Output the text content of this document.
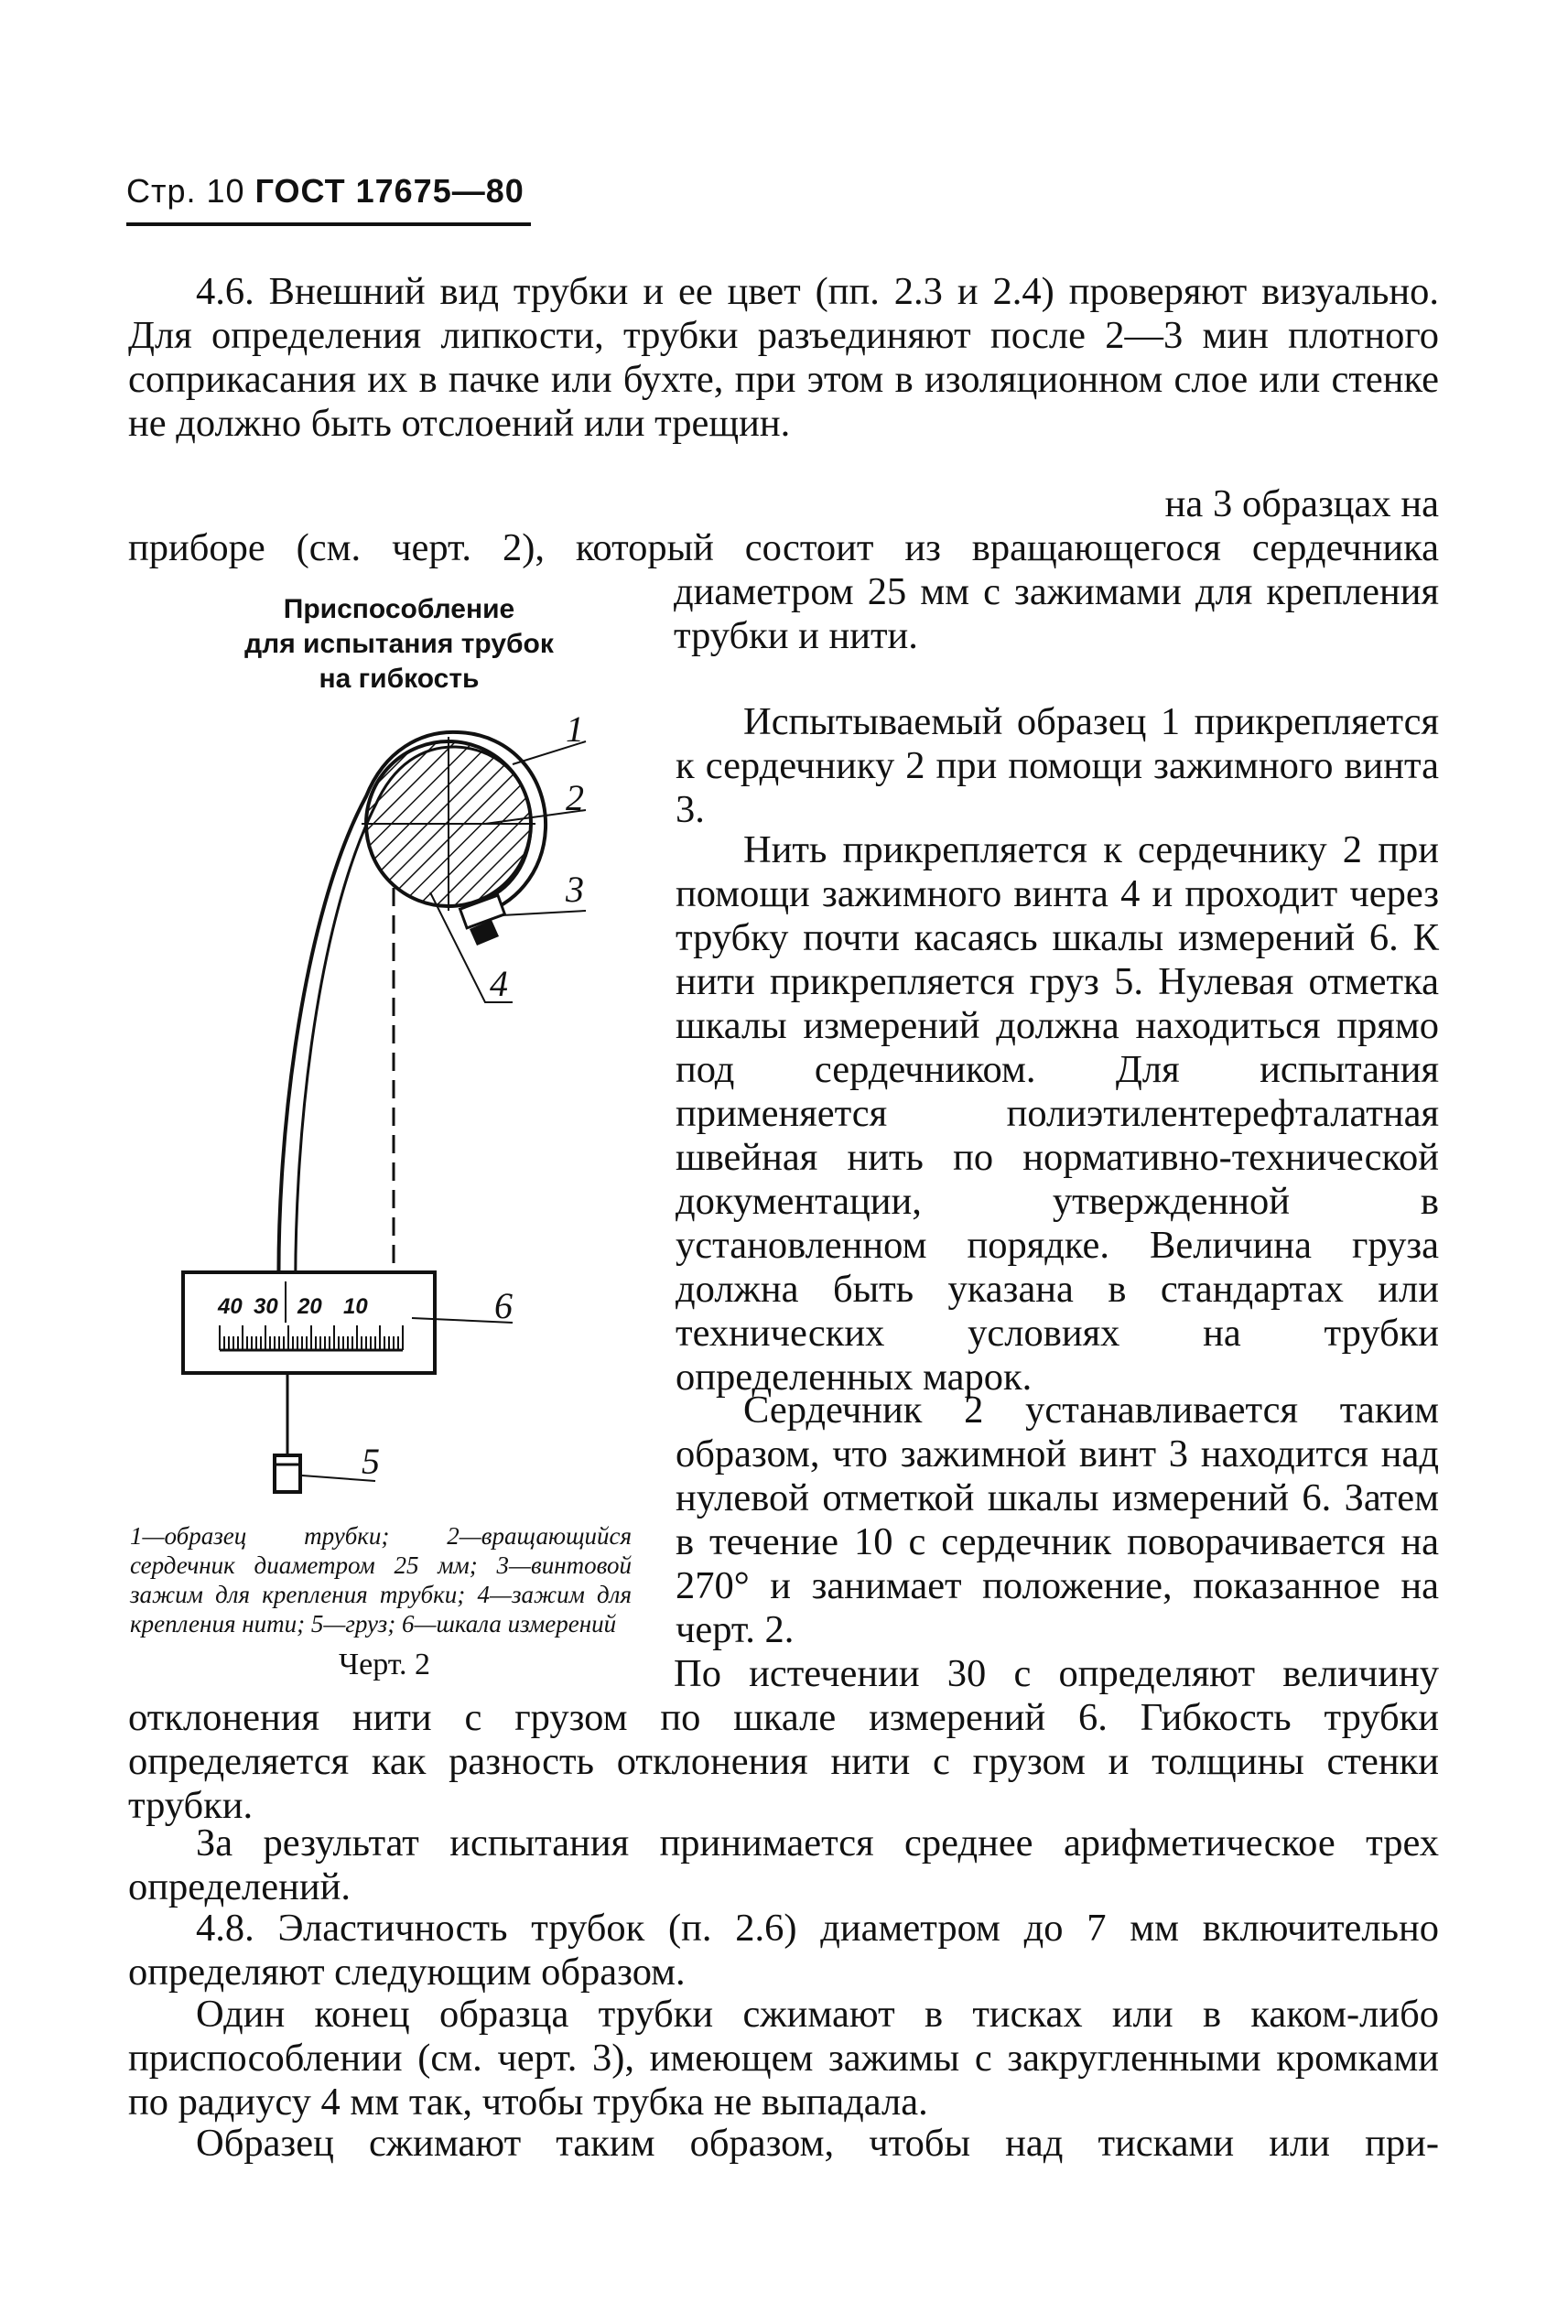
Стр. 10 ГОСТ 17675—80

4.6. Внешний вид трубки и ее цвет (пп. 2.3 и 2.4) проверяют визуально. Для определения липкости, трубки разъединяют после 2—3 мин плотного соприкасания их в пачке или бухте, при этом в изоляционном слое или стенке не должно быть отслоений или трещин.

на 3 образцах на приборе (см. черт. 2), который состоит из вращающегося сердечника диаметром 25 мм с зажимами для крепления трубки и нити.

Испытываемый образец 1 прикрепляется к сердечнику 2 при помощи зажимного винта 3.

Нить прикрепляется к сердечнику 2 при помощи зажимного винта 4 и проходит через трубку почти касаясь шкалы измерений 6. К нити прикрепляется груз 5. Нулевая отметка шкалы измерений должна находиться прямо под сердечником. Для испытания применяется полиэтилентерефталатная швейная нить по нормативно-технической документации, утвержденной в установленном порядке. Величина груза должна быть указана в стандартах или технических условиях на трубки определенных марок.

Сердечник 2 устанавливается таким образом, что зажимной винт 3 находится над нулевой отметкой шкалы измерений 6. Затем в течение 10 с сердечник поворачивается на 270° и занимает положение, показанное на черт. 2.

По истечении 30 с определяют величину отклонения нити с грузом по шкале измерений 6. Гибкость трубки определяется как разность отклонения нити с грузом и толщины стенки трубки.

За результат испытания принимается среднее арифметическое трех определений.

4.8. Эластичность трубок (п. 2.6) диаметром до 7 мм включительно определяют следующим образом.

Один конец образца трубки сжимают в тисках или в каком-либо приспособлении (см. черт. 3), имеющем зажимы с закругленными кромками по радиусу 4 мм так, чтобы трубка не выпадала.

Образец сжимают таким образом, чтобы над тисками или при-

Приспособление
для испытания трубок
на гибкость
40 30 20 10
1
2
3
4
6
5
1—образец трубки; 2—вращающийся сердечник диаметром 25 мм; 3—винтовой зажим для крепления трубки; 4—зажим для крепления нити; 5—груз; 6—шкала измерений
Черт. 2
